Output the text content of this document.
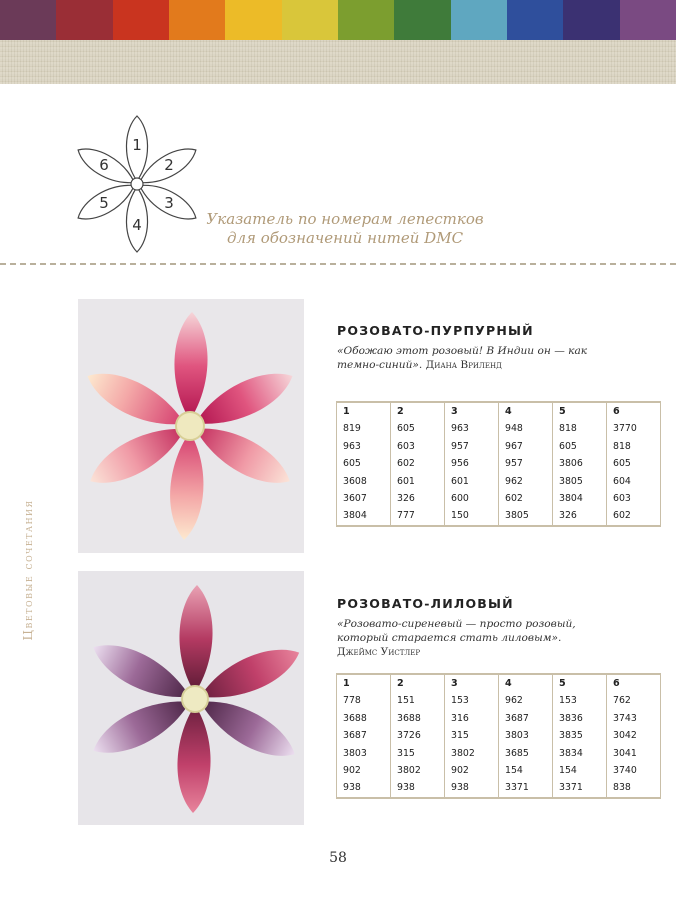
1
2
3
4
5
6
Указатель по номерам лепестков для обозначений нитей DMC
Цветовые сочетания

РОЗОВАТО-ПУРПУРНЫЙ

«Обожаю этот розовый! В Индии он — как темно-синий». Диана Вриленд
1	2	3	4	5	6
819	605	963	948	818	3770
963	603	957	967	605	818
605	602	956	957	3806	605
3608	601	601	962	3805	604
3607	326	600	602	3804	603
3804	777	150	3805	326	602

РОЗОВАТО-ЛИЛОВЫЙ

«Розовато-сиреневый — просто розовый, который старается стать лиловым». Джеймс Уистлер
1	2	3	4	5	6
778	151	153	962	153	762
3688	3688	316	3687	3836	3743
3687	3726	315	3803	3835	3042
3803	315	3802	3685	3834	3041
902	3802	902	154	154	3740
938	938	938	3371	3371	838
58
